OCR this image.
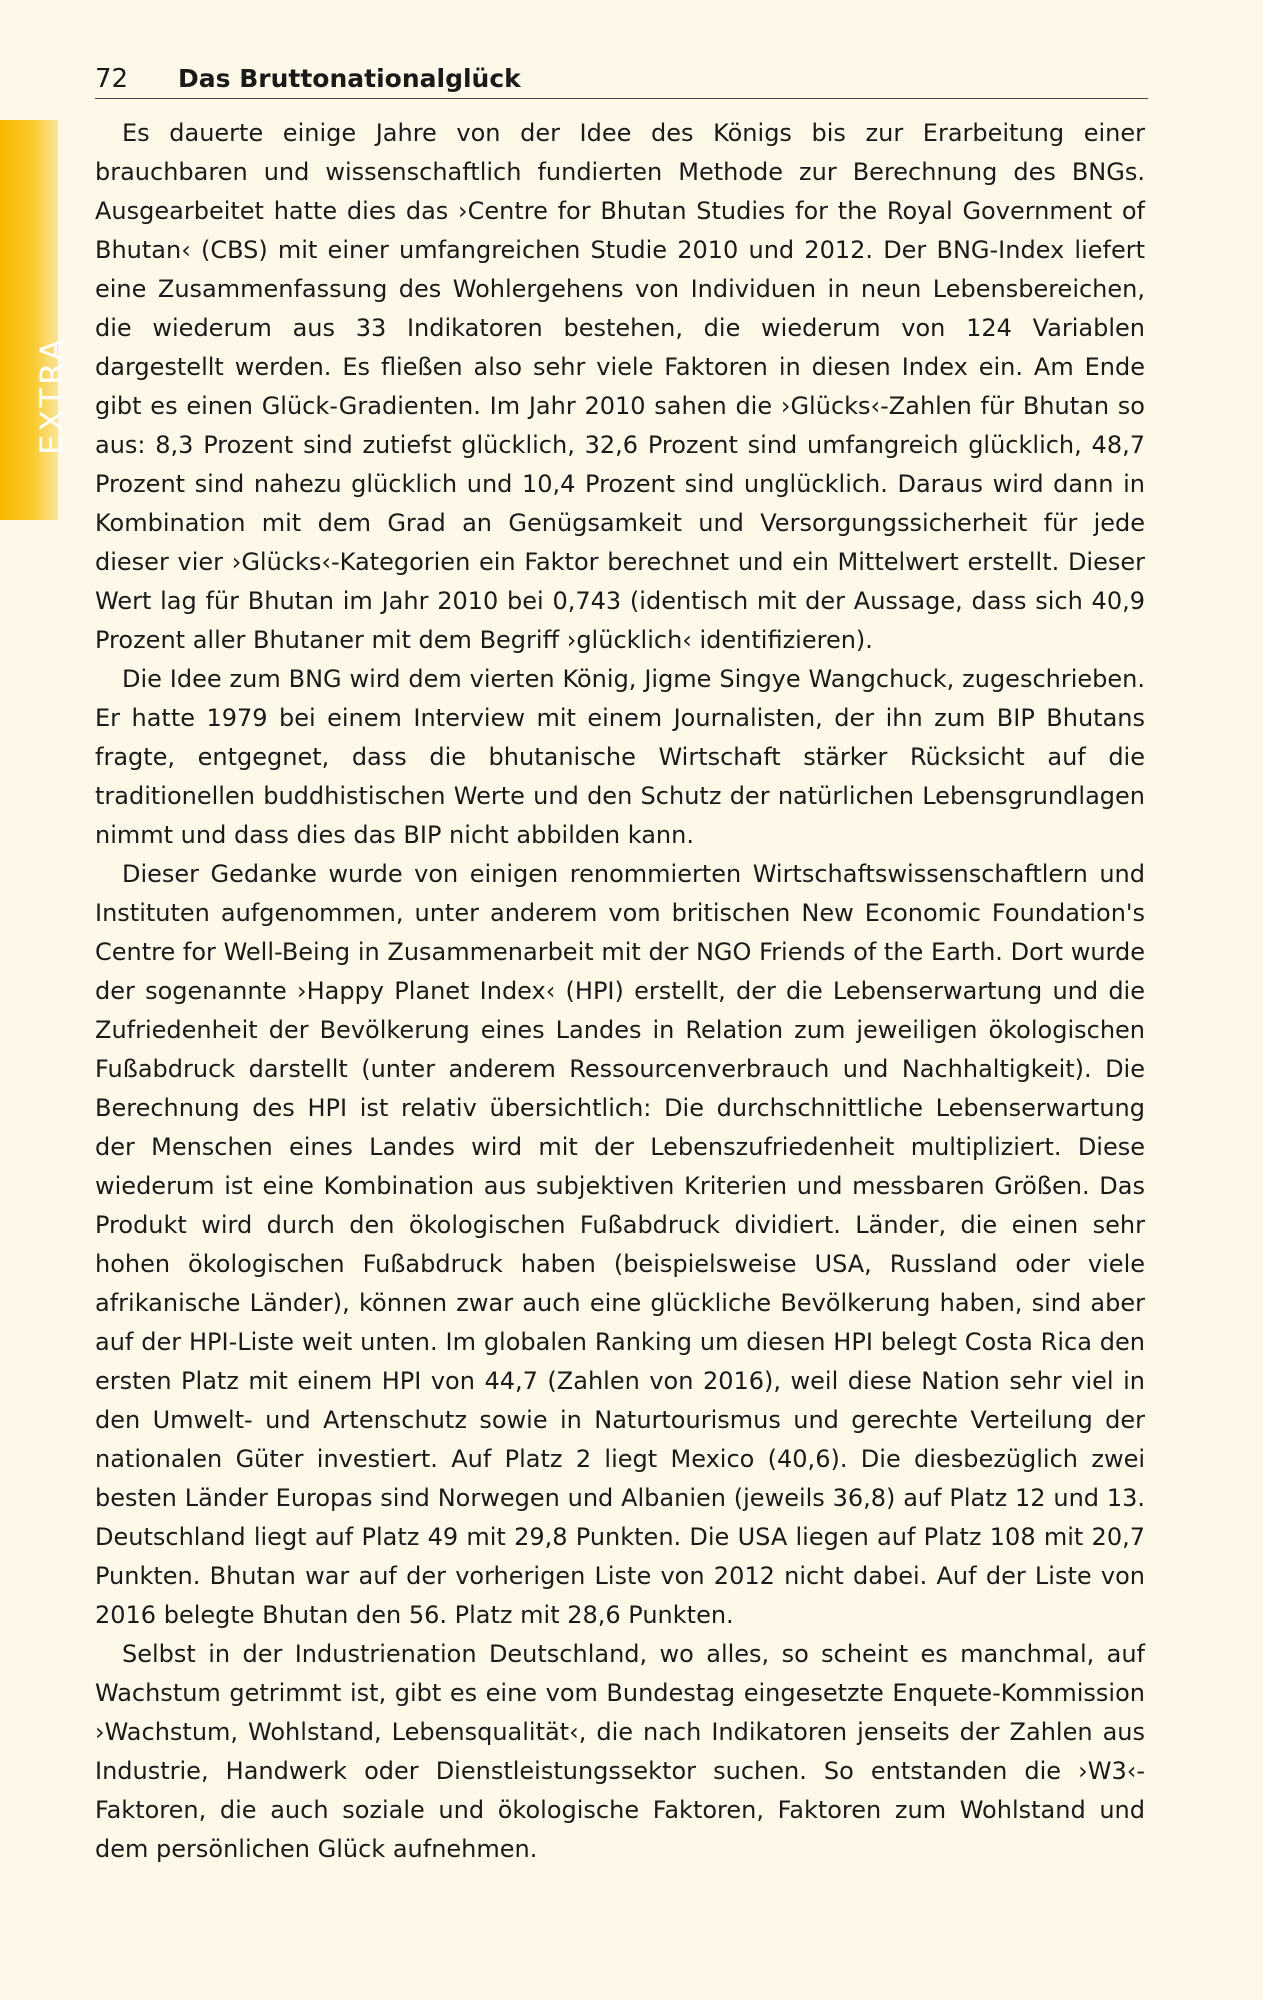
EXTRA
72 Das Bruttonationalglück

Es dauerte einige Jahre von der Idee des Königs bis zur Erarbeitung einer brauchbaren und wissenschaftlich fundierten Methode zur Berechnung des BNGs. Ausgearbeitet hatte dies das ›Centre for Bhutan Studies for the Royal Government of Bhutan‹ (CBS) mit einer umfangreichen Studie 2010 und 2012. Der BNG-Index liefert eine Zusammenfassung des Wohlergehens von Individuen in neun Lebensbereichen, die wiederum aus 33 Indikatoren bestehen, die wiederum von 124 Variablen dargestellt werden. Es fließen also sehr viele Faktoren in diesen Index ein. Am Ende gibt es einen Glück-Gradienten. Im Jahr 2010 sahen die ›Glücks‹-Zahlen für Bhutan so aus: 8,3 Prozent sind zutiefst glücklich, 32,6 Prozent sind umfangreich glücklich, 48,7 Prozent sind nahezu glücklich und 10,4 Prozent sind unglücklich. Daraus wird dann in Kombination mit dem Grad an Genügsamkeit und Versorgungssicherheit für jede dieser vier ›Glücks‹-Kategorien ein Faktor berechnet und ein Mittelwert erstellt. Dieser Wert lag für Bhutan im Jahr 2010 bei 0,743 (identisch mit der Aussage, dass sich 40,9 Prozent aller Bhutaner mit dem Begriff ›glücklich‹ identifizieren).

Die Idee zum BNG wird dem vierten König, Jigme Singye Wangchuck, zugeschrieben. Er hatte 1979 bei einem Interview mit einem Journalisten, der ihn zum BIP Bhutans fragte, entgegnet, dass die bhutanische Wirtschaft stärker Rücksicht auf die traditionellen buddhistischen Werte und den Schutz der natürlichen Lebensgrundlagen nimmt und dass dies das BIP nicht abbilden kann.

Dieser Gedanke wurde von einigen renommierten Wirtschaftswissenschaftlern und Instituten aufgenommen, unter anderem vom britischen New Economic Foundation's Centre for Well-Being in Zusammenarbeit mit der NGO Friends of the Earth. Dort wurde der sogenannte ›Happy Planet Index‹ (HPI) erstellt, der die Lebenserwartung und die Zufriedenheit der Bevölkerung eines Landes in Relation zum jeweiligen ökologischen Fußabdruck darstellt (unter anderem Ressourcenverbrauch und Nachhaltigkeit). Die Berechnung des HPI ist relativ übersichtlich: Die durchschnittliche Lebenserwartung der Menschen eines Landes wird mit der Lebenszufriedenheit multipliziert. Diese wiederum ist eine Kombination aus subjektiven Kriterien und messbaren Größen. Das Produkt wird durch den ökologischen Fußabdruck dividiert. Länder, die einen sehr hohen ökologischen Fußabdruck haben (beispielsweise USA, Russland oder viele afrikanische Länder), können zwar auch eine glückliche Bevölkerung haben, sind aber auf der HPI-Liste weit unten. Im globalen Ranking um diesen HPI belegt Costa Rica den ersten Platz mit einem HPI von 44,7 (Zahlen von 2016), weil diese Nation sehr viel in den Umwelt- und Artenschutz sowie in Naturtourismus und gerechte Verteilung der nationalen Güter investiert. Auf Platz 2 liegt Mexico (40,6). Die diesbezüglich zwei besten Länder Europas sind Norwegen und Albanien (jeweils 36,8) auf Platz 12 und 13. Deutschland liegt auf Platz 49 mit 29,8 Punkten. Die USA liegen auf Platz 108 mit 20,7 Punkten. Bhutan war auf der vorherigen Liste von 2012 nicht dabei. Auf der Liste von 2016 belegte Bhutan den 56. Platz mit 28,6 Punkten.

Selbst in der Industrienation Deutschland, wo alles, so scheint es manchmal, auf Wachstum getrimmt ist, gibt es eine vom Bundestag eingesetzte Enquete-Kommission ›Wachstum, Wohlstand, Lebensqualität‹, die nach Indikatoren jenseits der Zahlen aus Industrie, Handwerk oder Dienstleistungssektor suchen. So entstanden die ›W3‹-Faktoren, die auch soziale und ökologische Faktoren, Faktoren zum Wohlstand und dem persönlichen Glück aufnehmen.
